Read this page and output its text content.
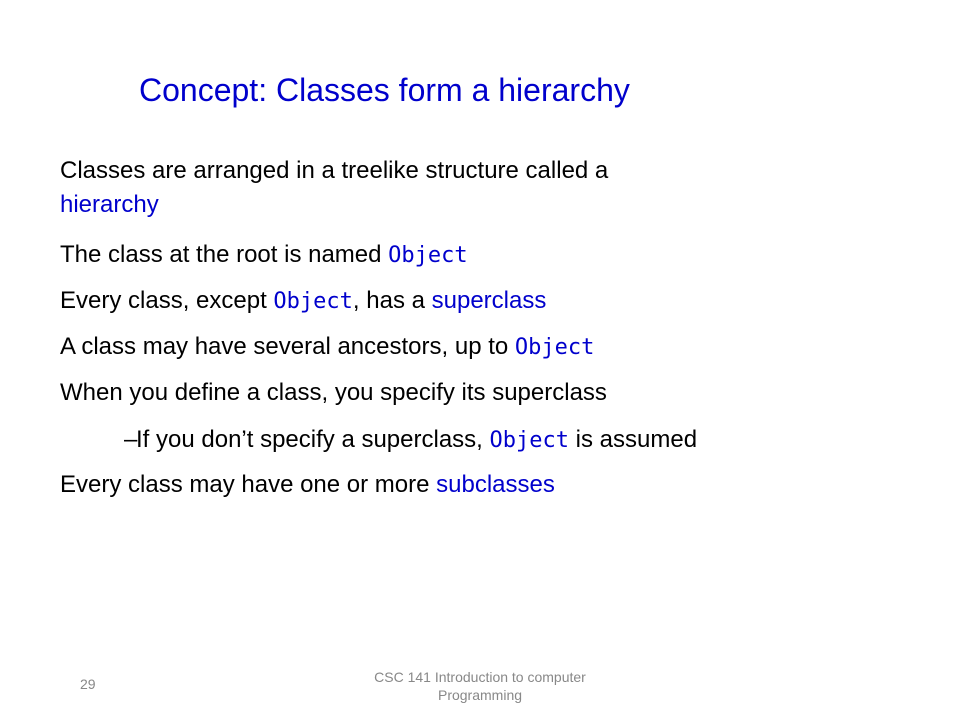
Concept: Classes form a hierarchy
Classes are arranged in a treelike structure called a
hierarchy
The class at the root is named Object
Every class, except Object, has a superclass
A class may have several ancestors, up to Object
When you define a class, you specify its superclass
–
If you don’t specify a superclass, Object is assumed
Every class may have one or more subclasses
29	CSC 141 Introduction to computer
Programming
